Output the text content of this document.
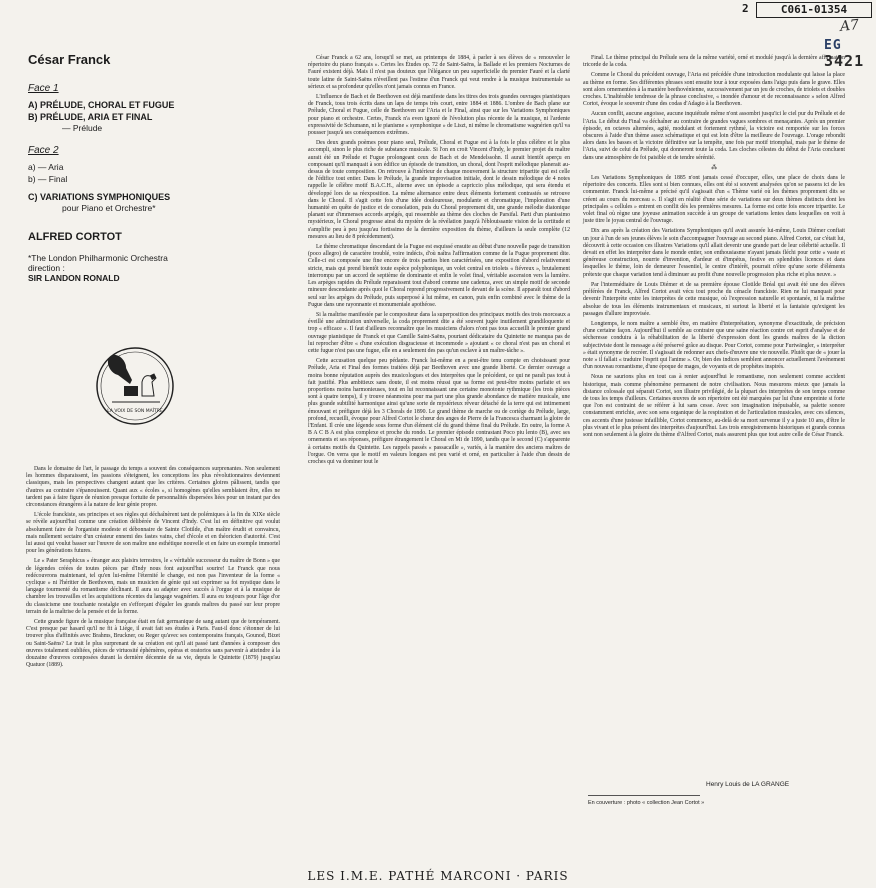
2	C061-01354
A7
EG
3421
César Franck
Face 1
A) PRÉLUDE, CHORAL ET FUGUE
B) PRÉLUDE, ARIA ET FINAL
— Prélude
Face 2
a) — Aria
b) — Final
C) VARIATIONS SYMPHONIQUES
pour Piano et Orchestre*
ALFRED CORTOT
*The London Philharmonic Orchestra
direction :
SIR LANDON RONALD
LA VOIX DE SON MAÎTRE

Dans le domaine de l'art, le passage du temps a souvent des conséquences surprenantes. Non seulement les hommes disparaissent, les passions s'éteignent, les conceptions les plus révolutionnaires deviennent classiques, mais les perspectives changent autant que les critères. Certaines gloires pâlissent, tandis que d'autres au contraire s'épanouissent. Quant aux « écoles », si homogènes qu'elles semblaient être, elles ne tardent pas à faire figure de réunion presque fortuite de personnalités dispersées liées pour un instant par des circonstances étrangères à la nature de leur génie propre.

L'école franckiste, ses principes et ses règles qui déchaînèrent tant de polémiques à la fin du XIXe siècle se révèle aujourd'hui comme une création délibérée de Vincent d'Indy. C'est lui en définitive qui voulut absolument faire de l'organiste modeste et débonnaire de Sainte Clotilde, d'un maître érudit et convaincu, mais nullement sectaire d'un créateur ennemi des fastes vains, chef d'école et en théoricien d'autorité. C'est lui aussi qui voulut basser sur l'œuvre de son maître une esthétique nouvelle et en faire un exemple immortel pour les générations futures.

Le « Pater Seraphicus » étranger aux plaisirs terrestres, le « véritable successeur du maître de Bonn » que de légendes créées de toutes pièces par d'Indy nous font aujourd'hui sourire! Le Franck que nous redécouvrons maintenant, tel qu'en lui-même l'éternité le change, est non pas l'inventeur de la forme « cyclique » ni l'héritier de Beethoven, mais un musicien de génie qui sut exprimer sa foi mystique dans le langage tourmenté du romantisme déclinant. Il aura su adapter avec succès à l'orgue et à la musique de chambre les trouvailles et les acquisitions récentes du langage wagnérien. Il aura eu toujours pour l'âge d'or du classicisme une touchante nostalgie en s'efforçant d'égaler les grands maîtres du passé sur leur propre terrain de la maîtrise de la pensée et de la forme.

Cette grande figure de la musique française était en fait germanique de sang autant que de tempérament. C'est presque par hasard qu'il ne fit à Liège, il avait fait ses études à Paris. Faut-il donc s'étonner de lui trouver plus d'affinités avec Brahms, Bruckner, ou Reger qu'avec ses contemporains français, Gounod, Bizet ou Saint-Saëns? Le trait le plus surprenant de sa création est qu'il ait passé tant d'années à composer des œuvres totalement oubliées, pièces de virtuosité éphémères, opéras et oratorios sans parvenir à atteindre à la douzaine d'œuvres composées durant la dernière décennie de sa vie, depuis le Quintette (1879) jusqu'au Quatuor (1889).

César Franck a 62 ans, lorsqu'il se met, au printemps de 1884, à parler à ses élèves de « renouveler le répertoire du piano français ». Certes les Études op. 72 de Saint-Saëns, la Ballade et les premiers Nocturnes de Fauré existent déjà. Mais il n'est pas douteux que l'élégance un peu superficielle du premier Fauré et la clarté toute latine de Saint-Saëns n'éveillent pas l'estime d'un Franck qui veut rendre à la musique instrumentale sa sérieux et sa profondeur qu'elles n'ont jamais connus en France.

L'influence de Bach et de Beethoven est déjà manifeste dans les titres des trois grandes ouvrages pianistiques de Franck, tous trois écrits dans un laps de temps très court, entre 1884 et 1886. L'ombre de Bach plane sur Prélude, Choral et Fugue, celle de Beethoven sur l'Aria et le Final, ainsi que sur les Variations Symphoniques pour piano et orchestre. Certes, Franck n'a even ignoré de l'évolution plus récente de la musique, ni l'ardente expressivité de Schumann, ni le pianisme « symphonique » de Liszt, ni même le chromatisme wagnérien qu'il va pousser jusqu'à ses conséquences extrêmes.

Des deux grands poèmes pour piano seul, Prélude, Choral et Fugue est à la fois le plus célèbre et le plus accompli, sinon le plus riche de substance musicale. Si l'on en croit Vincent d'Indy, le premier projet du maître aurait été un Prélude et Fugue prolongeant ceux de Bach et de Mendelssohn. Il aurait bientôt aperçu en composant qu'il manquait à son édifice un épisode de transition, un choral, dont l'esprit mélodique planerait au-dessus de toute composition. On retrouve à l'intérieur de chaque mouvement la structure tripartite qui est celle de l'édifice tout entier. Dans le Prélude, la grande improvisation initiale, dont le dessin mélodique de 4 notes rappelle le célèbre motif B.A.C.H., alterne avec un épisode a capriccio plus mélodique, qui sera étendu et développé lors de sa réexposition. La même alternance entre deux éléments fortement contrastés se retrouve dans le Choral. Il s'agit cette fois d'une idée douloureuse, modulante et chromatique, l'imploration d'une humanité en quête de justice et de consolation, puis du Choral proprement dit, une grande mélodie diatonique planant sur d'immenses accords arpégés, qui ressemble au thème des cloches de Parsifal. Parti d'un pianissimo mystérieux, le Choral progresse ainsi du mystère de la révélation jusqu'à l'éblouissante vision de la certitude et s'amplifie peu à peu jusqu'au fortissimo de la dernière exposition du thème, d'ailleurs la seule complète (12 mesures au lieu de 8 précédemment).

Le thème chromatique descendant de la Fugue est esquissé ensuite au début d'une nouvelle page de transition (poco allegro) de caractère troublé, voire indécis, d'où naîtra l'affirmation comme de la Fugue proprement dite. Celle-ci est composée une fine encore de trois parties bien caractérisées, une exposition d'abord relativement stricte, mais qui prend bientôt toute espèce polyphonique, un volet central en triolets « fiévreux », brutalement interrompu par un accord de septième de dominante et enfin le volet final, véritable ascension vers la lumière. Les arpèges rapides du Prélude reparaissent tout d'abord comme une cadenza, avec un simple motif de seconde mineure descendante après quoi le Choral reprend progressivement le devant de la scène. Il apparaît tout d'abord seul sur les arpèges du Prélude, puis superposé à lui même, en canon, puis enfin combiné avec le thème de la Fugue dans une rayonnante et monumentale apothéose.

Si la maîtrise manifestée par le compositeur dans la superposition des principaux motifs des trois morceaux a éveillé une admiration universelle, la coda proprement dite a été souvent jugée inutilement grandiloquente et trop « efficace ». Il faut d'ailleurs reconnaître que les musiciens d'alors n'ont pas tous accueilli le premier grand ouvrage pianistique de Franck et que Camille Saint-Saëns, pourtant dédicataire du Quintette ne manqua pas de lui reprocher d'être « d'une exécution disgracieuse et incommode » ajoutant « ce choral n'est pas un choral et cette fugue n'est pas une fugue, elle en a seulement des pas qu'un esclave à un maître-tâche ».

Cette accusation quelque peu pédante. Franck lui-même en a peut-être tenu compte en choisissant pour Prélude, Aria et Final des formes traitées déjà par Beethoven avec une grande liberté. Ce dernier ouvrage a moins bonne réputation auprès des musicologues et des interprètes que le précédent, ce qui ne paraît pas tout à fait justifié. Plus ambitieux sans doute, il est moins réussi que sa forme est peut-être moins parfaite et ses proportions moins harmonieuses, tout en lui reconnaissant une certaine monotonie rythmique (les trois pièces sont à quatre temps), il y trouve néanmoins pour ma part une plus grande abondance de matière musicale, une plus grande subtilité harmonique ainsi qu'une sorte de mystérieux rêveur détaché de la terre qui est intimement émouvant et préfigure déjà les 3 Chorals de 1890. Le grand thème de marche ou de cortège du Prélude, large, profond, recueilli, évoque pour Alfred Cortot le chœur des anges de Pierre de la Francesca charmant la gloire de l'Enfant. Il crée une légende sous forme d'un élément clé du grand thème final du Prélude. En outre, la forme A B A C B A est plus complexe et proche du rondo. Le premier épisode contrastant Poco piu lento (B), avec ses ornements et ses réponses, préfigure étrangement le Choral en Mi de 1890, tandis que le second (C) s'apparente à certains motifs du Quintette. Les rappels passés « passacaille », variés, à la manière des anciens maîtres de l'orgue. On verra que le motif en valeurs longues est peu varié et orné, en particulier à l'aide d'un dessin de croches qui va dominer tout le

Final. Le thème principal du Prélude sera de la même variété, orné et modulé jusqu'à la dernière affirmation tricorde de la coda.

Comme le Choral du précédent ouvrage, l'Aria est précédée d'une introduction modulante qui laisse la place au thème en forme. Ses différentes phrases sont ensuite tour à tour exposées dans l'aigu puis dans le grave. Elles sont alors ornementées à la manière beethovénienne, successivement par un jeu de croches, de triolets et doubles croches. L'inaltérable tendresse de la phrase conclusive, « inondée d'amour et de reconnaissance » selon Alfred Cortot, évoque le souvenir d'une des codas d'Adagio à la Beethoven.

Aucun conflit, aucune angoisse, aucune inquiétude même n'ont assombri jusqu'ici le ciel pur du Prélude et de l'Aria. Le début du Final va déchaîner au contraire de grandes vagues sombres et menaçantes. Après un premier épisode, en octaves alternées, agité, modulant et fortement rythmé, la victoire est remportée sur les forces obscures à l'aide d'un thème assez schématique et qui est loin d'être la meilleure de l'ouvrage. L'orage rebondit alors dans les basses et la victoire définitive sur la tempête, une fois par motif triomphal, mais par le thème de l'Aria, suivi de celui du Prélude, qui donneront toute la coda. Les cloches célestes du début de l'Aria concluent dans une atmosphère de foi paisible et de tendre sérénité.

⁂

Les Variations Symphoniques de 1885 n'ont jamais cessé d'occuper, elles, une place de choix dans le répertoire des concerts. Elles sont si bien connues, elles ont été si souvent analysées qu'on se passera ici de les commenter. Franck lui-même a précisé qu'il s'agissait d'un « Thème varié où les thèmes proprement dits se créent au cours du morceau ». Il s'agit en réalité d'une série de variations sur deux thèmes distincts dont les principales « cellules » entrent en conflit dès les premières mesures. La forme est cette fois encore tripartite. Le volet final où règne une joyeuse animation succède à un groupe de variations lentes dans lesquelles on voit à juste titre le joyau central de l'ouvrage.

Dix ans après la création des Variations Symphoniques qu'il avait assurée lui-même, Louis Diémer confiait un jour à l'un de ses jeunes élèves le soin d'accompagner l'ouvrage au second piano. Alfred Cortot, car c'était lui, découvrit à cette occasion ces illustres Variations qu'il allait devenir une grande part de leur célébrité actuelle. Il devait en effet les interpréter dans le monde entier, son enthousiasme n'ayant jamais fléchi pour cette « vaste et généreuse construction, nourrie d'invention, d'ardeur et d'impétus, festive en splendides licences et dans lesquelles le thème, loin de demeurer l'essentiel, le centre d'intérêt, pourrait n'être qu'une sorte d'éléments prétexte que chaque variation tend à diminuer au profit d'une nouvelle progression plus riche et plus neuve. »

Par l'intermédiaire de Louis Diémer et de sa première épouse Clotilde Bréal qui avait été une des élèves préférées de Franck, Alfred Cortot avait vécu tout proche du cénacle franckiste. Rien ne lui manquait pour devenir l'interprète entre les interprètes de cette musique, où l'expression naturelle et spontanée, ni la maîtrise absolue de tous les éléments instrumentaux et musicaux, ni surtout la liberté et la fantaisie qu'exigent les passages d'allure improvisée.

Longtemps, le nom maître a semblé être, en matière d'interprétation, synonyme d'exactitude, de précision d'une certaine façon. Aujourd'hui il semble au contraire que une saine réaction contre cet esprit d'analyse et de sécheresse conduira à la réhabilitation de la liberté d'expression dont les grands maîtres de la diction subjectiviste dont le message a été préservé grâce au disque. Pour Cortot, comme pour Furtwängler, « interpréter » était synonyme de recréer. Il s'agissait de redonner aux chefs-d'œuvre une vie nouvelle. Plutôt que de « jouer la note » il fallait « traduire l'esprit qui l'anime ». Or, bien des indices semblent annoncer actuellement l'avènement d'un nouveau romantisme, d'une époque de mages, de voyants et de prophètes inspirés.

Nous ne saurions plus en tout cas à renier aujourd'hui le romantisme, non seulement comme accident historique, mais comme phénomène permanent de notre civilisation. Nous mesurons mieux que jamais la distance colossale qui séparait Cortot, son illustre privilégié, de la plupart des interprètes de son temps comme de tous les temps d'ailleurs. Certaines œuvres de son répertoire ont été marquées par lui d'une empreinte si forte que l'on est contraint de se référer à lui sans cesse. Avec son imagination inépuisable, sa palette sonore constamment enrichie, avec son sens organique de la respiration et de l'articulation musicales, avec ces silences, ces accents d'une justesse infaillible, Cortot commence, au-delà de sa mort survenue il y a juste 10 ans, d'être le plus vivant et le plus présent des interprètes d'aujourd'hui. Les trois enregistrements historiques et grands connus sont non seulement à la gloire du thème d'Alfred Cortot, mais assurent plus que tout autre celle de César Franck.

Henry Louis de LA GRANGE
En couverture : photo « collection Jean Cortot »
LES I.M.E. PATHÉ MARCONI · PARIS
